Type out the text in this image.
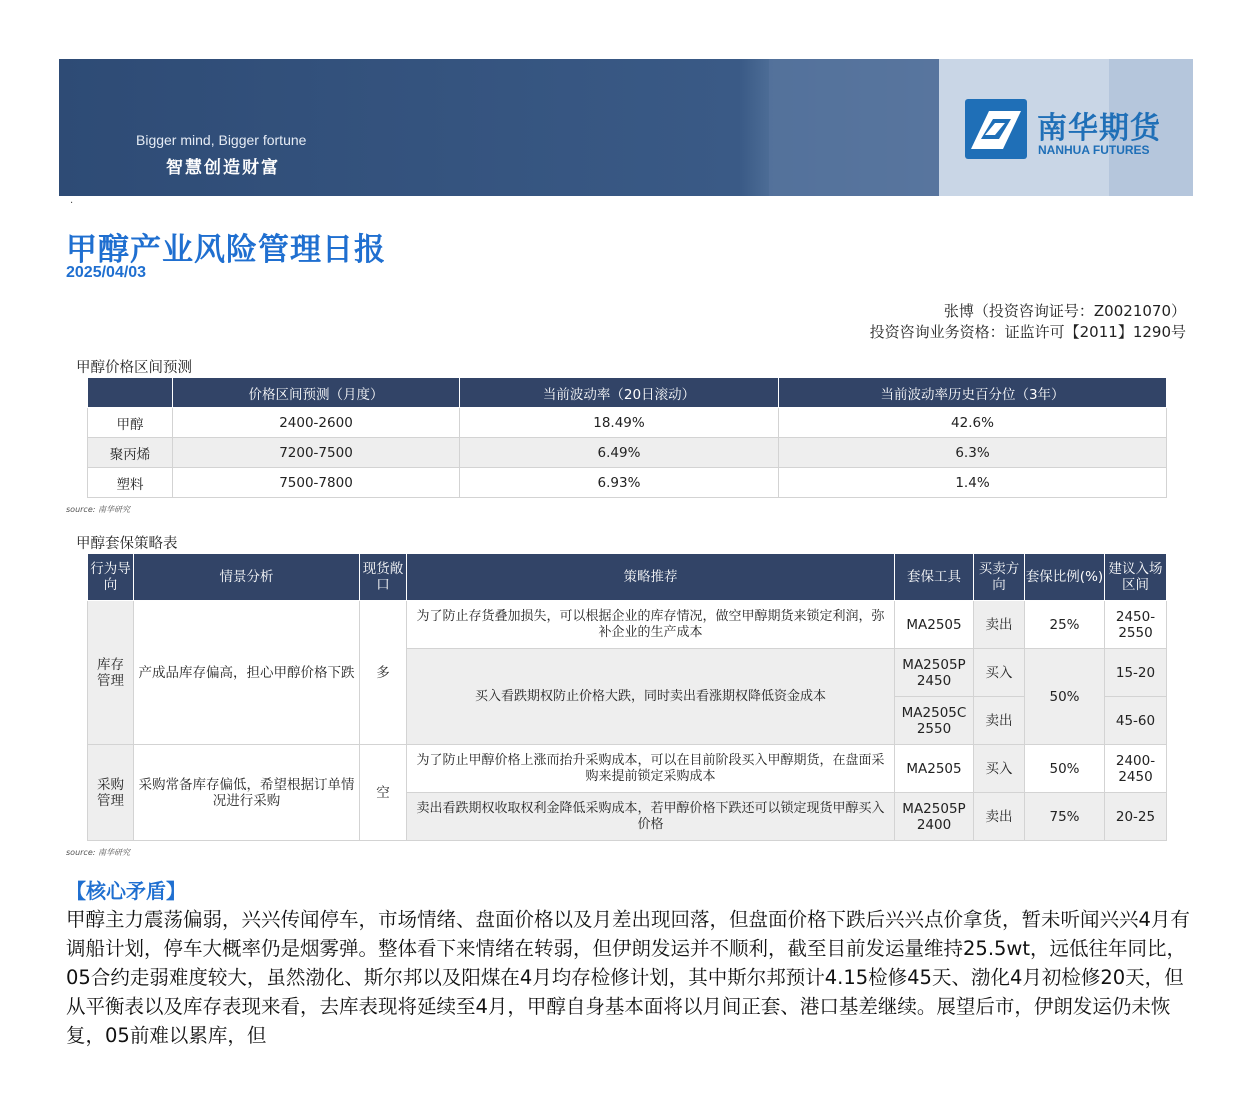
Bigger mind, Bigger fortune
智慧创造财富
南华期货
NANHUA FUTURES
·
甲醇产业风险管理日报
2025/04/03
张博（投资咨询证号：Z0021070）
投资咨询业务资格：证监许可【2011】1290号
甲醇价格区间预测
	价格区间预测（月度）	当前波动率（20日滚动）	当前波动率历史百分位（3年）
甲醇	2400-2600	18.49%	42.6%
聚丙烯	7200-7500	6.49%	6.3%
塑料	7500-7800	6.93%	1.4%
source: 南华研究
甲醇套保策略表
行为导向	情景分析	现货敞口	策略推荐	套保工具	买卖方向	套保比例(%)	建议入场区间
库存管理	产成品库存偏高，担心甲醇价格下跌	多	为了防止存货叠加损失，可以根据企业的库存情况，做空甲醇期货来锁定利润，弥补企业的生产成本	MA2505	卖出	25%	2450-2550
			买入看跌期权防止价格大跌，同时卖出看涨期权降低资金成本	MA2505P2450	买入	50%	15-20
				MA2505C2550	卖出		45-60
采购管理	采购常备库存偏低，希望根据订单情况进行采购	空	为了防止甲醇价格上涨而抬升采购成本，可以在目前阶段买入甲醇期货，在盘面采购来提前锁定采购成本	MA2505	买入	50%	2400-2450
			卖出看跌期权收取权利金降低采购成本，若甲醇价格下跌还可以锁定现货甲醇买入价格	MA2505P2400	卖出	75%	20-25
source: 南华研究
【核心矛盾】
甲醇主力震荡偏弱，兴兴传闻停车，市场情绪、盘面价格以及月差出现回落，但盘面价格下跌后兴兴点价拿货，暂未听闻兴兴4月有调船计划，停车大概率仍是烟雾弹。整体看下来情绪在转弱，但伊朗发运并不顺利，截至目前发运量维持25.5wt，远低往年同比，05合约走弱难度较大，虽然渤化、斯尔邦以及阳煤在4月均存检修计划，其中斯尔邦预计4.15检修45天、渤化4月初检修20天，但从平衡表以及库存表现来看，去库表现将延续至4月，甲醇自身基本面将以月间正套、港口基差继续。展望后市，伊朗发运仍未恢复，05前难以累库，但
